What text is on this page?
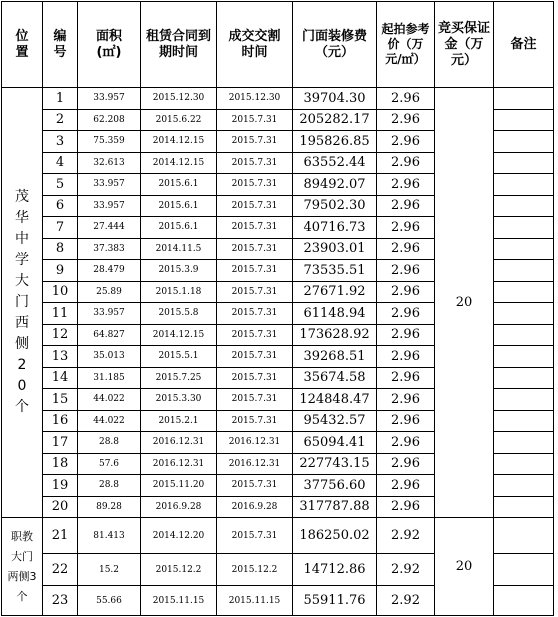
位置	编号	面积(㎡)	租赁合同到期时间	成交交割时间	门面装修费（元）	起拍参考价（万元/㎡）	竞买保证金（万元）	备注
茂华中学大门西侧20个	1	33.957	2015.12.30	2015.12.30	39704.30	2.96	20	
	2	62.208	2015.6.22	2015.7.31	205282.17	2.96		
	3	75.359	2014.12.15	2015.7.31	195826.85	2.96		
	4	32.613	2014.12.15	2015.7.31	63552.44	2.96		
	5	33.957	2015.6.1	2015.7.31	89492.07	2.96		
	6	33.957	2015.6.1	2015.7.31	79502.30	2.96		
	7	27.444	2015.6.1	2015.7.31	40716.73	2.96		
	8	37.383	2014.11.5	2015.7.31	23903.01	2.96		
	9	28.479	2015.3.9	2015.7.31	73535.51	2.96		
	10	25.89	2015.1.18	2015.7.31	27671.92	2.96		
	11	33.957	2015.5.8	2015.7.31	61148.94	2.96		
	12	64.827	2014.12.15	2015.7.31	173628.92	2.96		
	13	35.013	2015.5.1	2015.7.31	39268.51	2.96		
	14	31.185	2015.7.25	2015.7.31	35674.58	2.96		
	15	44.022	2015.3.30	2015.7.31	124848.47	2.96		
	16	44.022	2015.2.1	2015.7.31	95432.57	2.96		
	17	28.8	2016.12.31	2016.12.31	65094.41	2.96		
	18	57.6	2016.12.31	2016.12.31	227743.15	2.96		
	19	28.8	2015.11.20	2015.7.31	37756.60	2.96		
	20	89.28	2016.9.28	2016.9.28	317787.88	2.96		
职教大门两侧3个	21	81.413	2014.12.20	2015.7.31	186250.02	2.92	20	
	22	15.2	2015.12.2	2015.12.2	14712.86	2.92		
	23	55.66	2015.11.15	2015.11.15	55911.76	2.92		
